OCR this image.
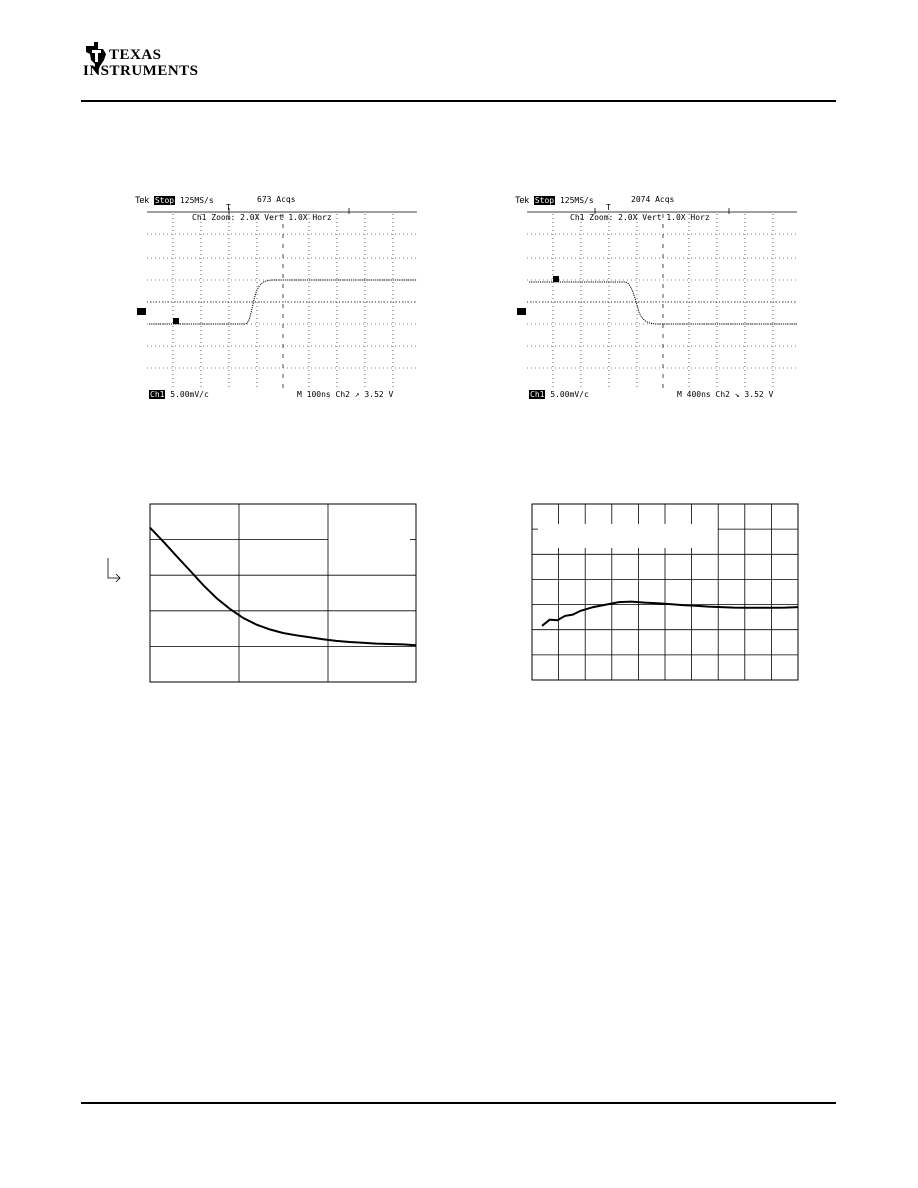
TEXAS
INSTRUMENTS
Tek Stop 125MS/s	673 Acqs
T
Ch1 Zoom: 2.0X Vert 1.0X Horz
Ch1 5.00mV/c	M 100ns Ch2 ↗ 3.52 V
Tek Stop 125MS/s	2074 Acqs
T
Ch1 Zoom: 2.0X Vert 1.0X Horz
Ch1 5.00mV/c	M 400ns Ch2 ↘ 3.52 V
